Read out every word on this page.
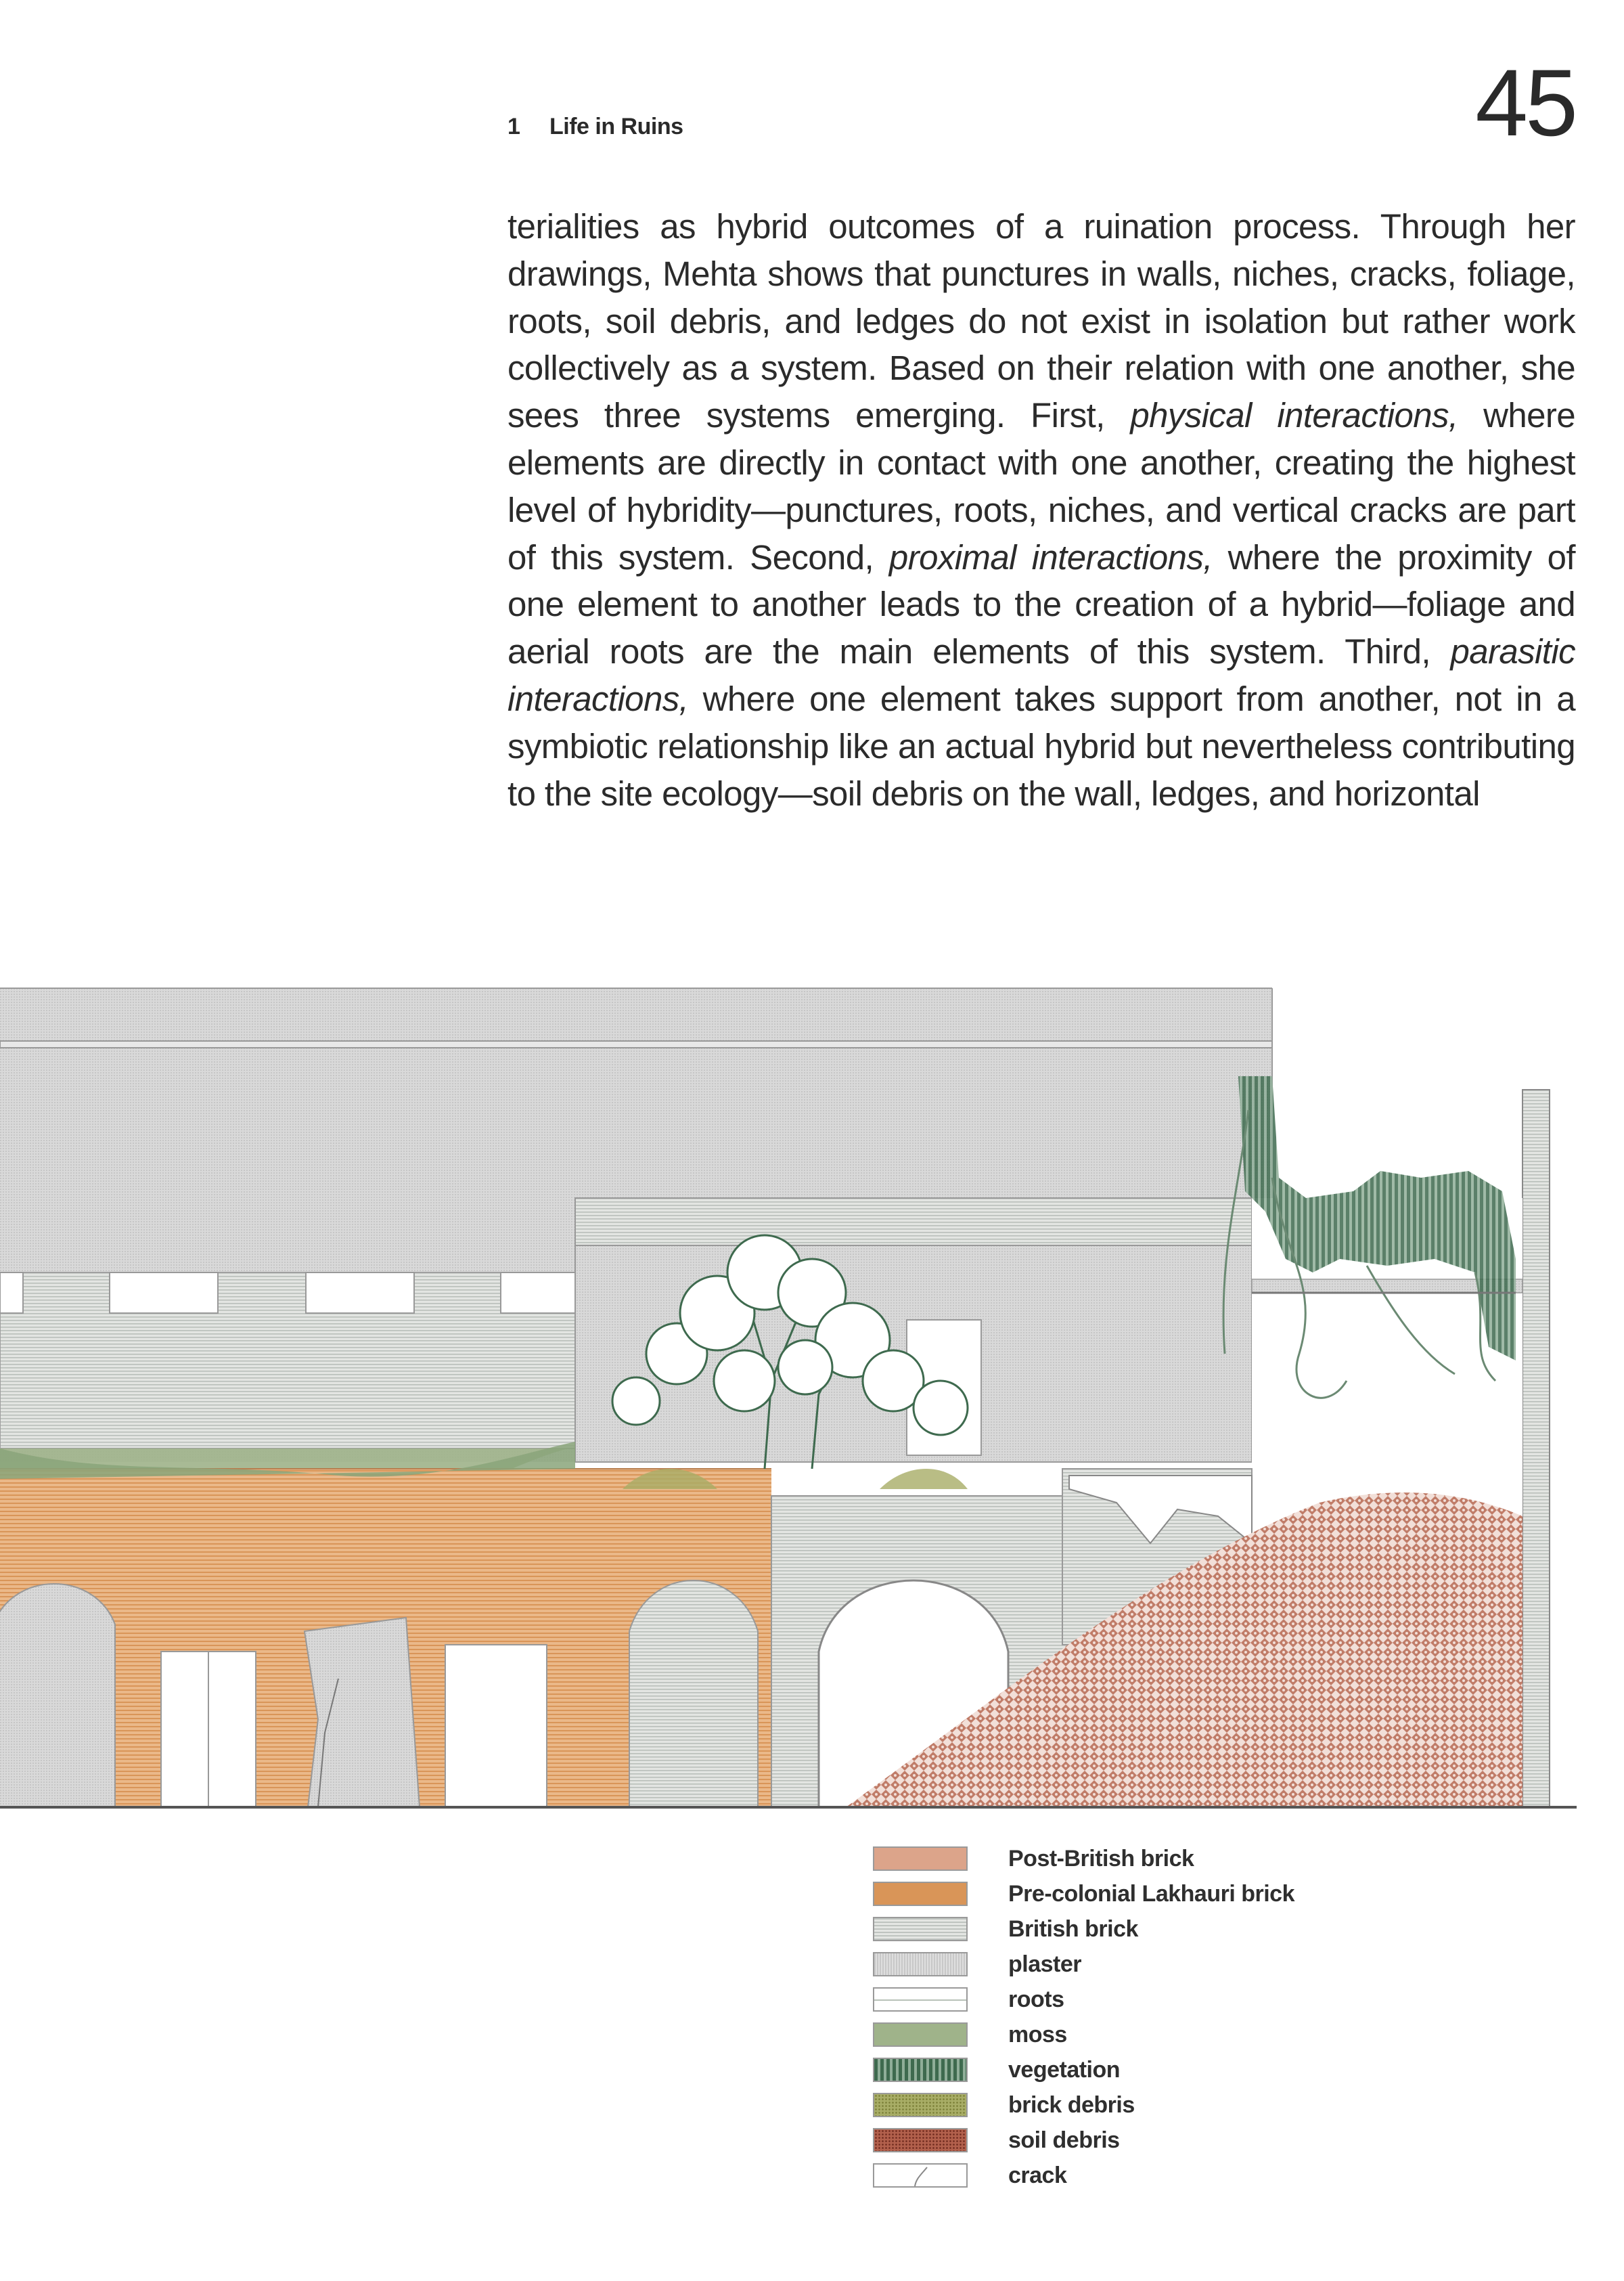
1 Life in Ruins	45

terialities as hybrid outcomes of a ruination process. Through her drawings, Mehta shows that punctures in walls, niches, cracks, foliage, roots, soil debris, and ledges do not exist in isolation but rather work collectively as a system. Based on their relation with one another, she sees three systems emerging. First, physical interactions, where elements are directly in contact with one another, creating the highest level of hybridity—punctures, roots, niches, and vertical cracks are part of this system. Second, proximal interactions, where the proximity of one element to another leads to the creation of a hybrid—foliage and aerial roots are the main elements of this system. Third, parasitic interactions, where one element takes support from another, not in a symbiotic relationship like an actual hybrid but nevertheless contributing to the site ecology—soil debris on the wall, ledges, and horizontal

Post-British brick
Pre-colonial Lakhauri brick
British brick
plaster
roots
moss
vegetation
brick debris
soil debris
crack
